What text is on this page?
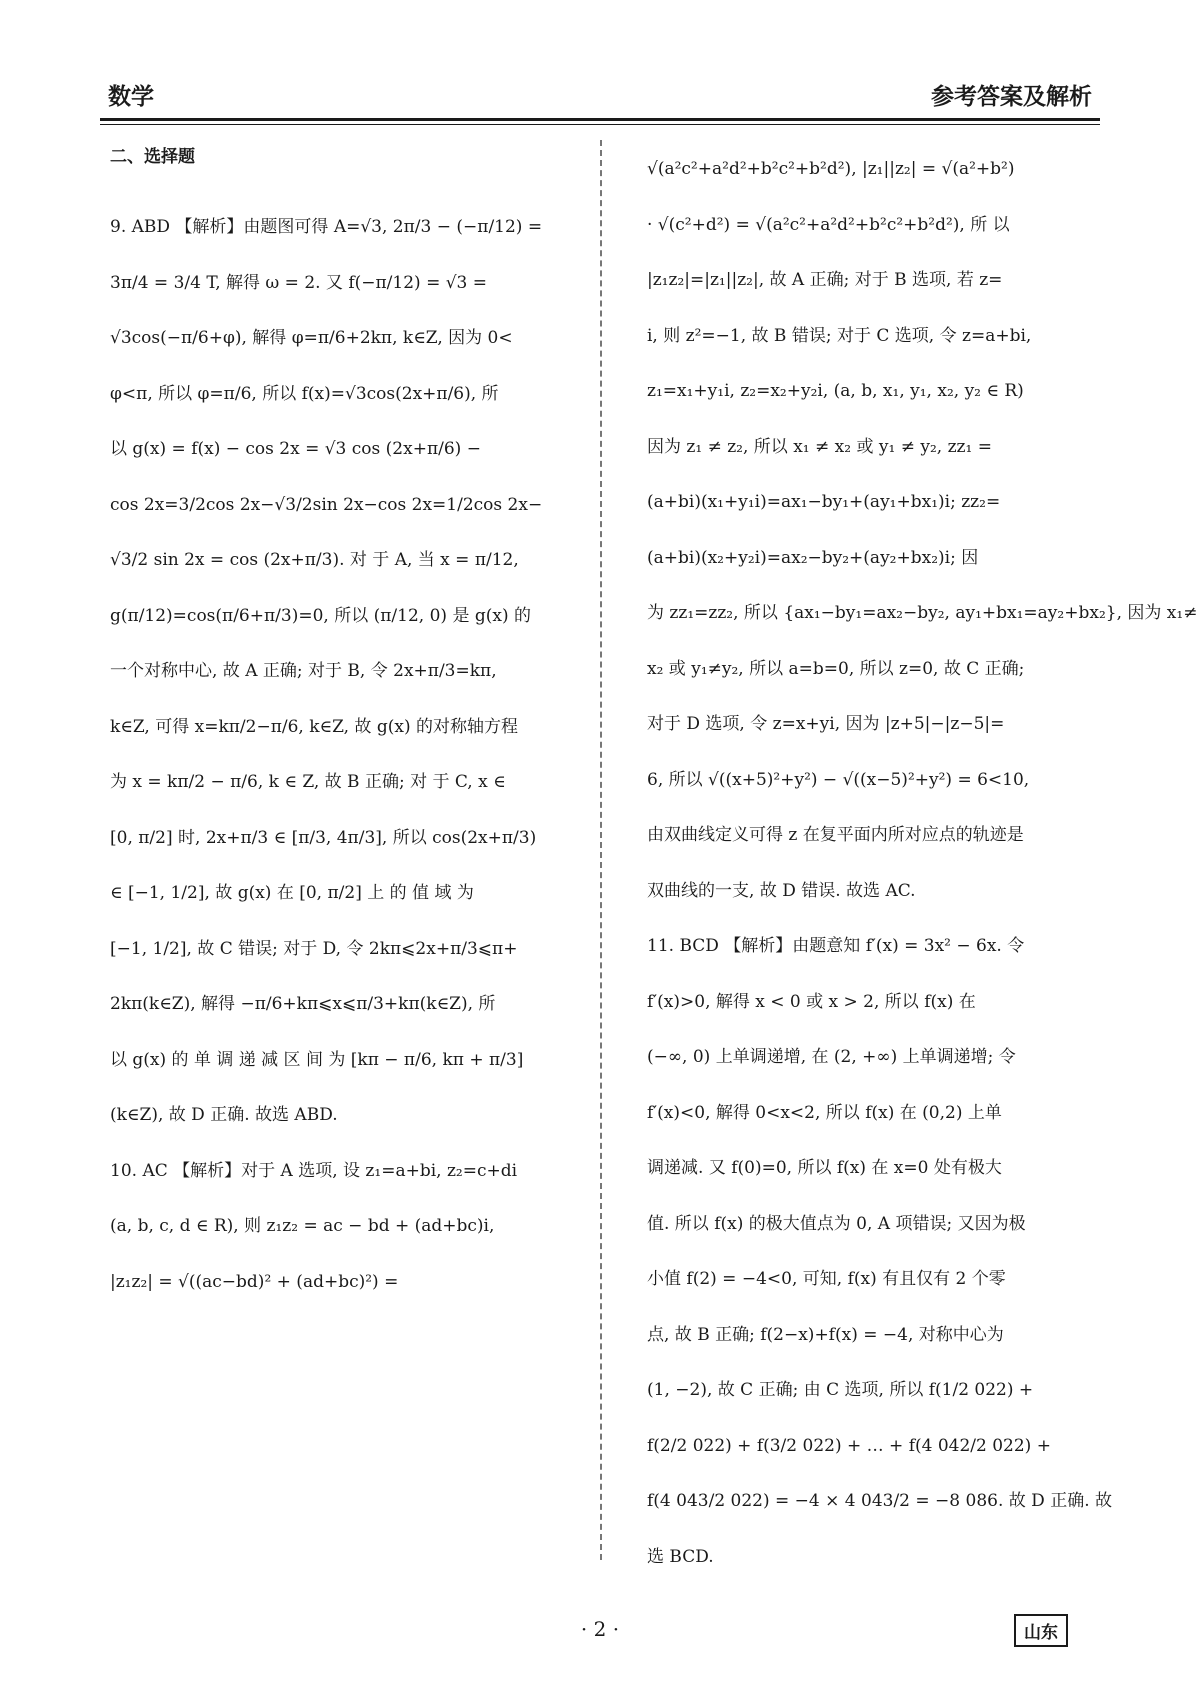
数学	参考答案及解析
二、选择题
9. ABD 【解析】由题图可得 A=√3, 2π/3 − (−π/12) =
3π/4 = 3/4 T, 解得 ω = 2. 又 f(−π/12) = √3 =
√3cos(−π/6+φ), 解得 φ=π/6+2kπ, k∈Z, 因为 0<
φ<π, 所以 φ=π/6, 所以 f(x)=√3cos(2x+π/6), 所
以 g(x) = f(x) − cos 2x = √3 cos (2x+π/6) −
cos 2x=3/2cos 2x−√3/2sin 2x−cos 2x=1/2cos 2x−
√3/2 sin 2x = cos (2x+π/3). 对 于 A, 当 x = π/12,
g(π/12)=cos(π/6+π/3)=0, 所以 (π/12, 0) 是 g(x) 的
一个对称中心, 故 A 正确; 对于 B, 令 2x+π/3=kπ,
k∈Z, 可得 x=kπ/2−π/6, k∈Z, 故 g(x) 的对称轴方程
为 x = kπ/2 − π/6, k ∈ Z, 故 B 正确; 对 于 C, x ∈
[0, π/2] 时, 2x+π/3 ∈ [π/3, 4π/3], 所以 cos(2x+π/3)
∈ [−1, 1/2], 故 g(x) 在 [0, π/2] 上 的 值 域 为
[−1, 1/2], 故 C 错误; 对于 D, 令 2kπ⩽2x+π/3⩽π+
2kπ(k∈Z), 解得 −π/6+kπ⩽x⩽π/3+kπ(k∈Z), 所
以 g(x) 的 单 调 递 减 区 间 为 [kπ − π/6, kπ + π/3]
(k∈Z), 故 D 正确. 故选 ABD.
10. AC 【解析】对于 A 选项, 设 z₁=a+bi, z₂=c+di
(a, b, c, d ∈ R), 则 z₁z₂ = ac − bd + (ad+bc)i,
|z₁z₂| = √((ac−bd)² + (ad+bc)²) =
√(a²c²+a²d²+b²c²+b²d²), |z₁||z₂| = √(a²+b²)
· √(c²+d²) = √(a²c²+a²d²+b²c²+b²d²), 所 以
|z₁z₂|=|z₁||z₂|, 故 A 正确; 对于 B 选项, 若 z=
i, 则 z²=−1, 故 B 错误; 对于 C 选项, 令 z=a+bi,
z₁=x₁+y₁i, z₂=x₂+y₂i, (a, b, x₁, y₁, x₂, y₂ ∈ R)
因为 z₁ ≠ z₂, 所以 x₁ ≠ x₂ 或 y₁ ≠ y₂, zz₁ =
(a+bi)(x₁+y₁i)=ax₁−by₁+(ay₁+bx₁)i; zz₂=
(a+bi)(x₂+y₂i)=ax₂−by₂+(ay₂+bx₂)i; 因
为 zz₁=zz₂, 所以 {ax₁−by₁=ax₂−by₂, ay₁+bx₁=ay₂+bx₂}, 因为 x₁≠
x₂ 或 y₁≠y₂, 所以 a=b=0, 所以 z=0, 故 C 正确;
对于 D 选项, 令 z=x+yi, 因为 |z+5|−|z−5|=
6, 所以 √((x+5)²+y²) − √((x−5)²+y²) = 6<10,
由双曲线定义可得 z 在复平面内所对应点的轨迹是
双曲线的一支, 故 D 错误. 故选 AC.
11. BCD 【解析】由题意知 f′(x) = 3x² − 6x. 令
f′(x)>0, 解得 x < 0 或 x > 2, 所以 f(x) 在
(−∞, 0) 上单调递增, 在 (2, +∞) 上单调递增; 令
f′(x)<0, 解得 0<x<2, 所以 f(x) 在 (0,2) 上单
调递减. 又 f(0)=0, 所以 f(x) 在 x=0 处有极大
值. 所以 f(x) 的极大值点为 0, A 项错误; 又因为极
小值 f(2) = −4<0, 可知, f(x) 有且仅有 2 个零
点, 故 B 正确; f(2−x)+f(x) = −4, 对称中心为
(1, −2), 故 C 正确; 由 C 选项, 所以 f(1/2 022) +
f(2/2 022) + f(3/2 022) + … + f(4 042/2 022) +
f(4 043/2 022) = −4 × 4 043/2 = −8 086. 故 D 正确. 故
选 BCD.
· 2 ·	山东
